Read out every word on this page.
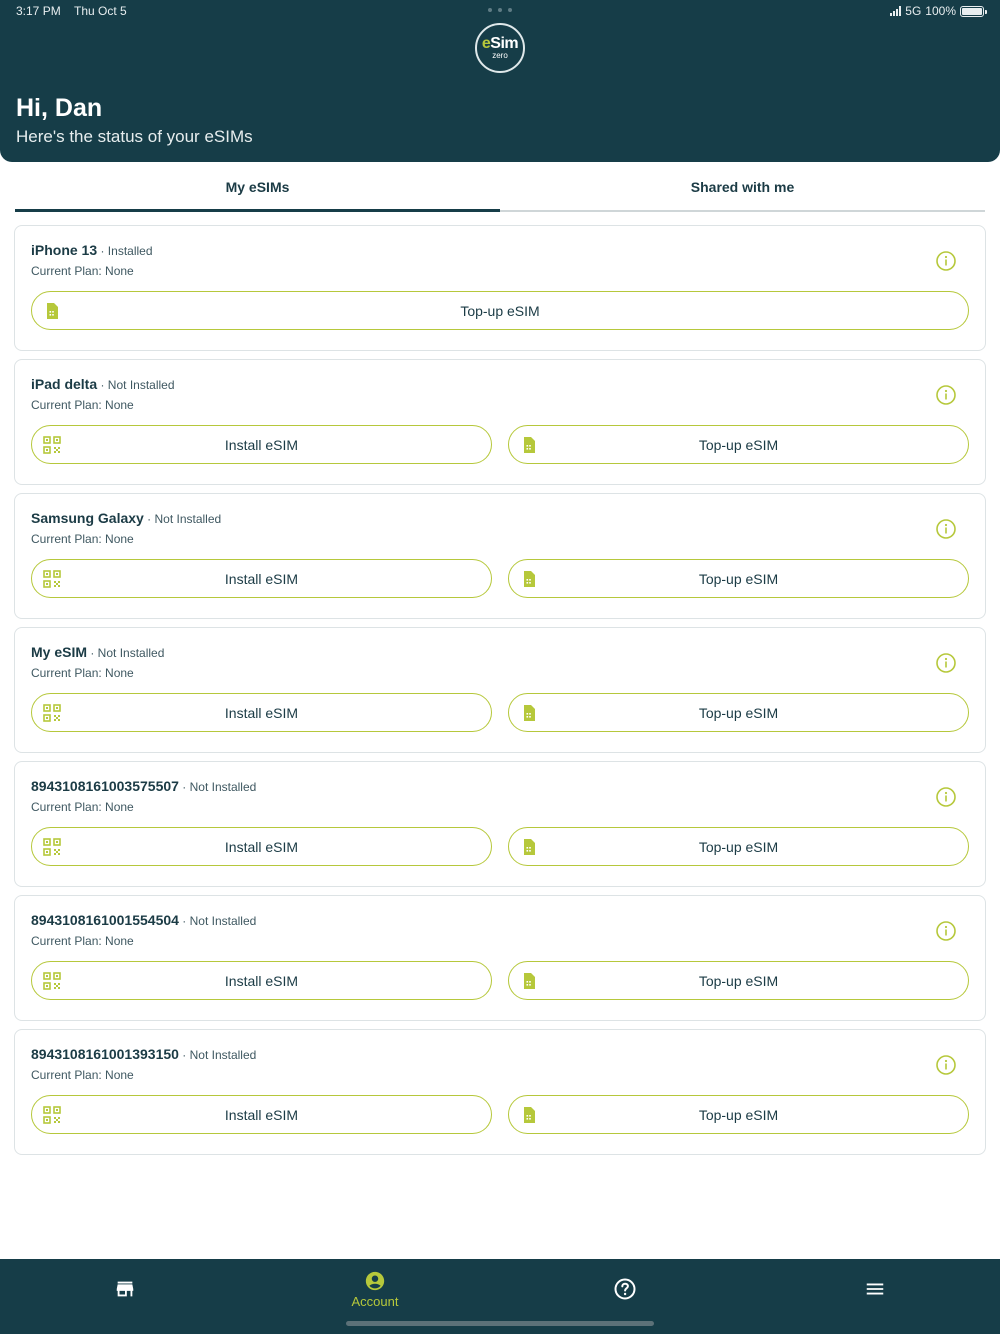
3:17 PM Thu Oct 5	5G 100%
eSim
zero
Hi, Dan
Here's the status of your eSIMs
My eSIMs	Shared with me
iPhone 13 · Installed
Current Plan: None
Top-up eSIM
iPad delta · Not Installed
Current Plan: None
Install eSIM	Top-up eSIM
Samsung Galaxy · Not Installed
Current Plan: None
Install eSIM	Top-up eSIM
My eSIM · Not Installed
Current Plan: None
Install eSIM	Top-up eSIM
8943108161003575507 · Not Installed
Current Plan: None
Install eSIM	Top-up eSIM
8943108161001554504 · Not Installed
Current Plan: None
Install eSIM	Top-up eSIM
8943108161001393150 · Not Installed
Current Plan: None
Install eSIM	Top-up eSIM
Account
